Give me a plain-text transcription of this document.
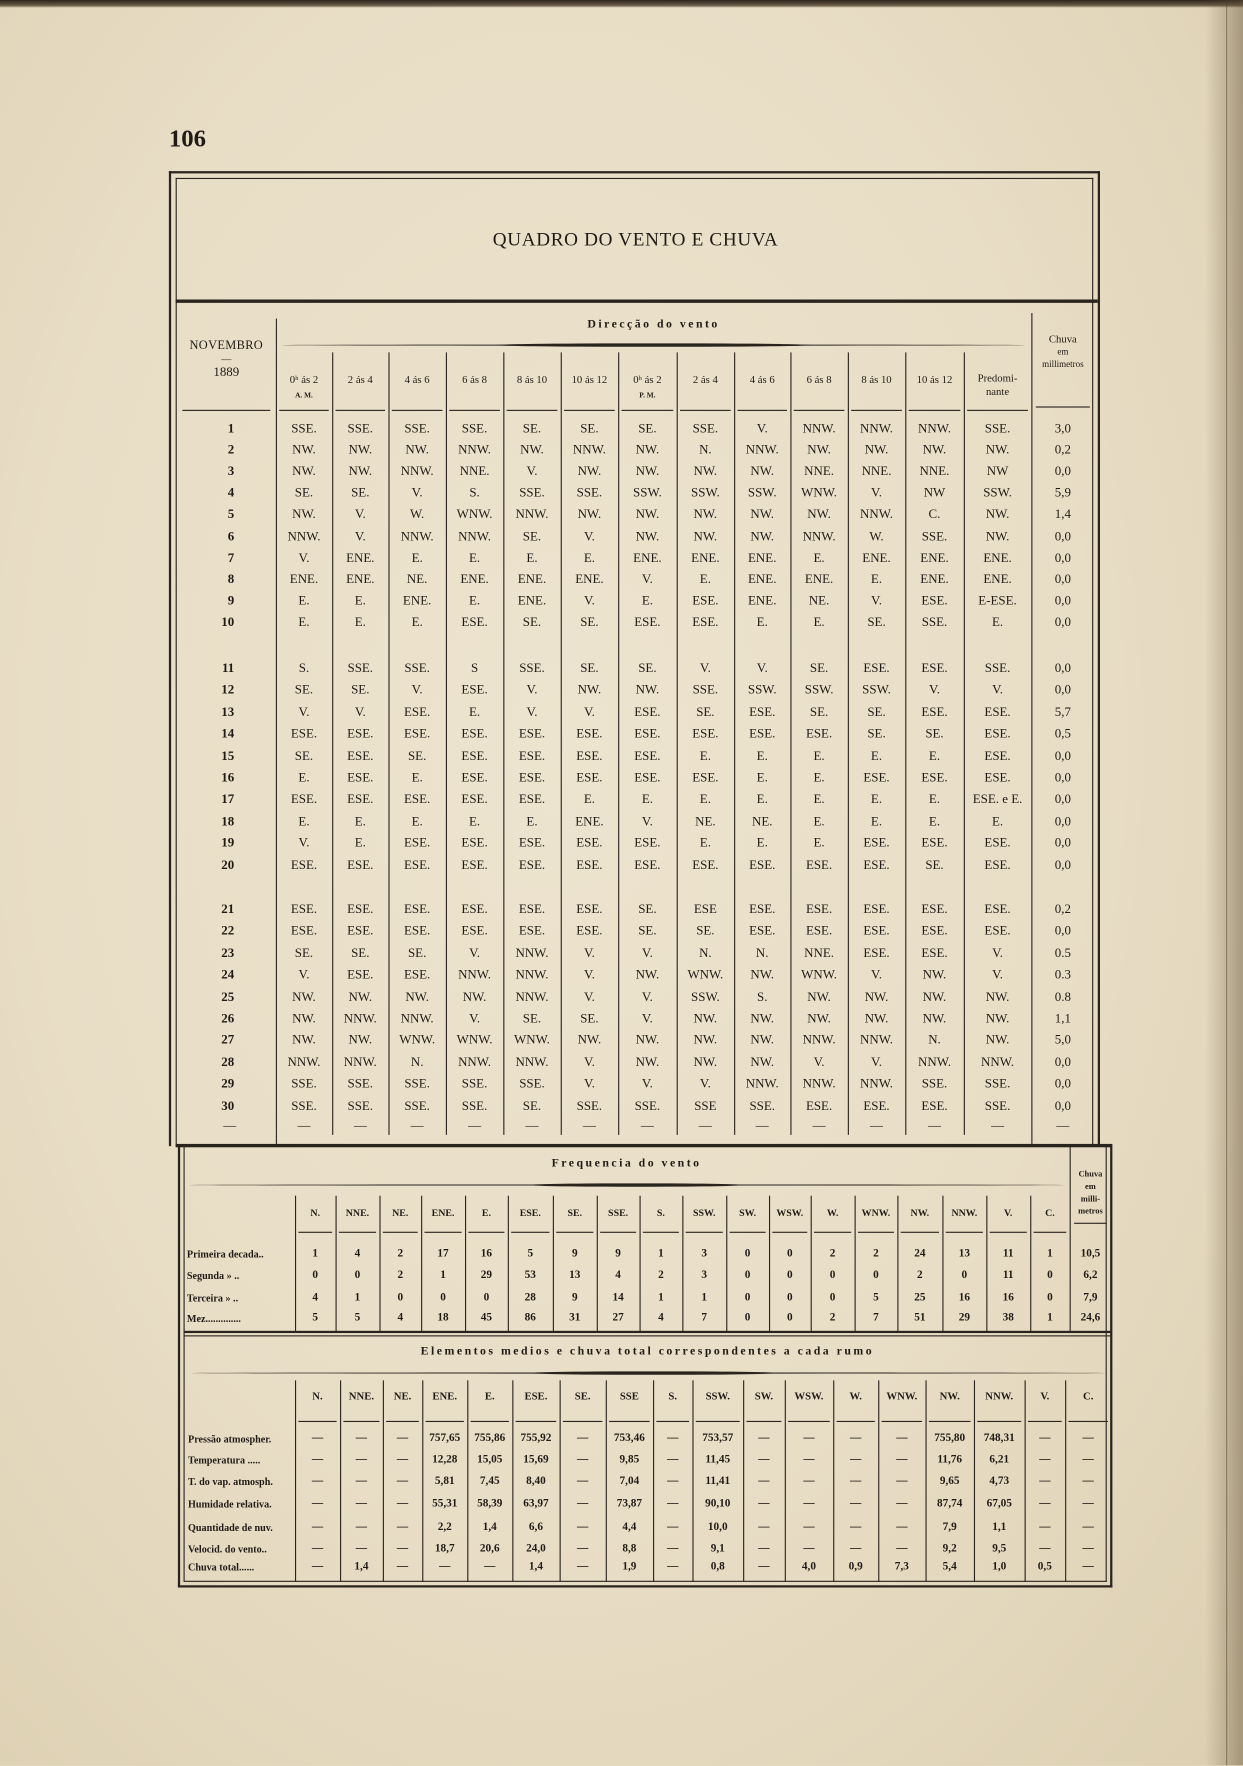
106
QUADRO DO VENTO E CHUVA
Direcção do vento
NOVEMBRO
—
1889
Chuva
em
millimetros
Frequencia do vento
Chuva
em
milli-
metros
Elementos medios e chuva total correspondentes a cada rumo
0ʰ ás 2
A. M.
2 ás 4	4 ás 6	6 ás 8	8 ás 10	10 ás 12	0ʰ ás 2
P. M.
2 ás 4	4 ás 6	6 ás 8	8 ás 10	10 ás 12	Predomi-
nante
1	SSE.	SSE.	SSE.	SSE.	SE.	SE.	SE.	SSE.	V.	NNW.	NNW.	NNW.	SSE.	3,0
2	NW.	NW.	NW.	NNW.	NW.	NNW.	NW.	N.	NNW.	NW.	NW.	NW.	NW.	0,2
3	NW.	NW.	NNW.	NNE.	V.	NW.	NW.	NW.	NW.	NNE.	NNE.	NNE.	NW	0,0
4	SE.	SE.	V.	S.	SSE.	SSE.	SSW.	SSW.	SSW.	WNW.	V.	NW	SSW.	5,9
5	NW.	V.	W.	WNW.	NNW.	NW.	NW.	NW.	NW.	NW.	NNW.	C.	NW.	1,4
6	NNW.	V.	NNW.	NNW.	SE.	V.	NW.	NW.	NW.	NNW.	W.	SSE.	NW.	0,0
7	V.	ENE.	E.	E.	E.	E.	ENE.	ENE.	ENE.	E.	ENE.	ENE.	ENE.	0,0
8	ENE.	ENE.	NE.	ENE.	ENE.	ENE.	V.	E.	ENE.	ENE.	E.	ENE.	ENE.	0,0
9	E.	E.	ENE.	E.	ENE.	V.	E.	ESE.	ENE.	NE.	V.	ESE.	E-ESE.	0,0
10	E.	E.	E.	ESE.	SE.	SE.	ESE.	ESE.	E.	E.	SE.	SSE.	E.	0,0
11	S.	SSE.	SSE.	S	SSE.	SE.	SE.	V.	V.	SE.	ESE.	ESE.	SSE.	0,0
12	SE.	SE.	V.	ESE.	V.	NW.	NW.	SSE.	SSW.	SSW.	SSW.	V.	V.	0,0
13	V.	V.	ESE.	E.	V.	V.	ESE.	SE.	ESE.	SE.	SE.	ESE.	ESE.	5,7
14	ESE.	ESE.	ESE.	ESE.	ESE.	ESE.	ESE.	ESE.	ESE.	ESE.	SE.	SE.	ESE.	0,5
15	SE.	ESE.	SE.	ESE.	ESE.	ESE.	ESE.	E.	E.	E.	E.	E.	ESE.	0,0
16	E.	ESE.	E.	ESE.	ESE.	ESE.	ESE.	ESE.	E.	E.	ESE.	ESE.	ESE.	0,0
17	ESE.	ESE.	ESE.	ESE.	ESE.	E.	E.	E.	E.	E.	E.	E.	ESE. e E.	0,0
18	E.	E.	E.	E.	E.	ENE.	V.	NE.	NE.	E.	E.	E.	E.	0,0
19	V.	E.	ESE.	ESE.	ESE.	ESE.	ESE.	E.	E.	E.	ESE.	ESE.	ESE.	0,0
20	ESE.	ESE.	ESE.	ESE.	ESE.	ESE.	ESE.	ESE.	ESE.	ESE.	ESE.	SE.	ESE.	0,0
21	ESE.	ESE.	ESE.	ESE.	ESE.	ESE.	SE.	ESE	ESE.	ESE.	ESE.	ESE.	ESE.	0,2
22	ESE.	ESE.	ESE.	ESE.	ESE.	ESE.	SE.	SE.	ESE.	ESE.	ESE.	ESE.	ESE.	0,0
23	SE.	SE.	SE.	V.	NNW.	V.	V.	N.	N.	NNE.	ESE.	ESE.	V.	0.5
24	V.	ESE.	ESE.	NNW.	NNW.	V.	NW.	WNW.	NW.	WNW.	V.	NW.	V.	0.3
25	NW.	NW.	NW.	NW.	NNW.	V.	V.	SSW.	S.	NW.	NW.	NW.	NW.	0.8
26	NW.	NNW.	NNW.	V.	SE.	SE.	V.	NW.	NW.	NW.	NW.	NW.	NW.	1,1
27	NW.	NW.	WNW.	WNW.	WNW.	NW.	NW.	NW.	NW.	NNW.	NNW.	N.	NW.	5,0
28	NNW.	NNW.	N.	NNW.	NNW.	V.	NW.	NW.	NW.	V.	V.	NNW.	NNW.	0,0
29	SSE.	SSE.	SSE.	SSE.	SSE.	V.	V.	V.	NNW.	NNW.	NNW.	SSE.	SSE.	0,0
30	SSE.	SSE.	SSE.	SSE.	SE.	SSE.	SSE.	SSE	SSE.	ESE.	ESE.	ESE.	SSE.	0,0
—	—	—	—	—	—	—	—	—	—	—	—	—	—	—
N.	NNE.	NE.	ENE.	E.	ESE.	SE.	SSE.	S.	SSW.	SW.	WSW.	W.	WNW.	NW.	NNW.	V.	C.
Primeira decada..	1	4	2	17	16	5	9	9	1	3	0	0	2	2	24	13	11	1	10,5
Segunda » ..	0	0	2	1	29	53	13	4	2	3	0	0	0	0	2	0	11	0	6,2
Terceira » ..	4	1	0	0	0	28	9	14	1	1	0	0	0	5	25	16	16	0	7,9
Mez..............	5	5	4	18	45	86	31	27	4	7	0	0	2	7	51	29	38	1	24,6
N.	NNE.	NE.	ENE.	E.	ESE.	SE.	SSE	S.	SSW.	SW.	WSW.	W.	WNW.	NW.	NNW.	V.	C.
Pressão atmospher.	—	—	—	757,65	755,86	755,92	—	753,46	—	753,57	—	—	—	—	755,80	748,31	—	—
Temperatura .....	—	—	—	12,28	15,05	15,69	—	9,85	—	11,45	—	—	—	—	11,76	6,21	—	—
T. do vap. atmosph.	—	—	—	5,81	7,45	8,40	—	7,04	—	11,41	—	—	—	—	9,65	4,73	—	—
Humidade relativa.	—	—	—	55,31	58,39	63,97	—	73,87	—	90,10	—	—	—	—	87,74	67,05	—	—
Quantidade de nuv.	—	—	—	2,2	1,4	6,6	—	4,4	—	10,0	—	—	—	—	7,9	1,1	—	—
Velocid. do vento..	—	—	—	18,7	20,6	24,0	—	8,8	—	9,1	—	—	—	—	9,2	9,5	—	—
Chuva total......	—	1,4	—	—	—	1,4	—	1,9	—	0,8	—	4,0	0,9	7,3	5,4	1,0	0,5	—
